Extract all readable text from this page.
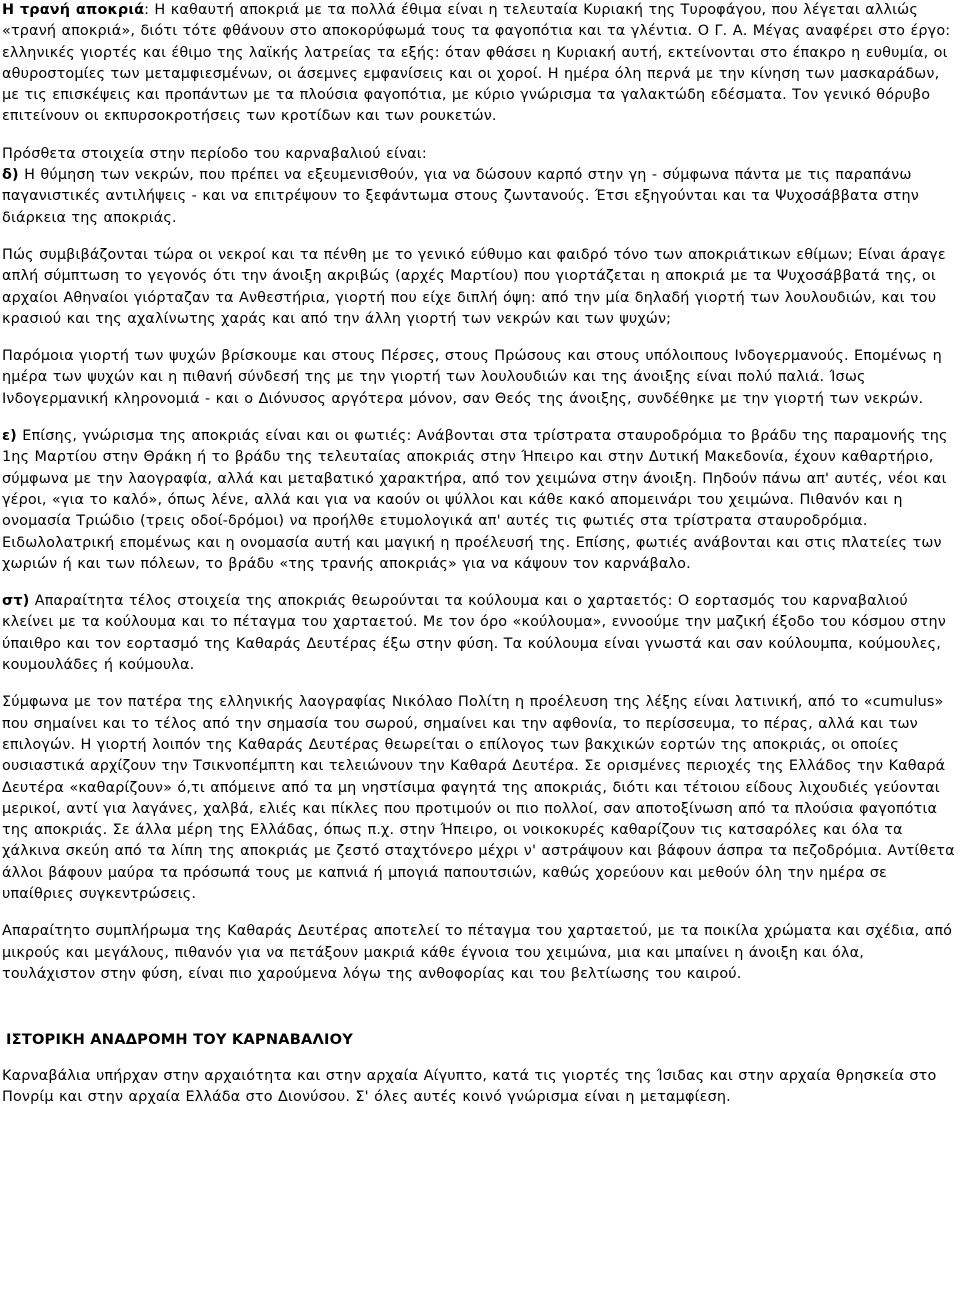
Η τρανή αποκριά: Η καθαυτή αποκριά με τα πολλά έθιμα είναι η τελευταία Κυριακή της Τυροφάγου, που λέγεται αλλιώς «τρανή αποκριά», διότι τότε φθάνουν στο αποκορύφωμά τους τα φαγοπότια και τα γλέντια. Ο Γ. Α. Μέγας αναφέρει στο έργο: ελληνικές γιορτές και έθιμο της λαϊκής λατρείας τα εξής: όταν φθάσει η Κυριακή αυτή, εκτείνονται στο έπακρο η ευθυμία, οι αθυροστομίες των μεταμφιεσμένων, οι άσεμνες εμφανίσεις και οι χοροί. Η ημέρα όλη περνά με την κίνηση των μασκαράδων, με τις επισκέψεις και προπάντων με τα πλούσια φαγοπότια, με κύριο γνώρισμα τα γαλακτώδη εδέσματα. Τον γενικό θόρυβο επιτείνουν οι εκπυρσοκροτήσεις των κροτίδων και των ρουκετών.

Πρόσθετα στοιχεία στην περίοδο του καρναβαλιού είναι:

δ) Η θύμηση των νεκρών, που πρέπει να εξευμενισθούν, για να δώσουν καρπό στην γη - σύμφωνα πάντα με τις παραπάνω παγανιστικές αντιλήψεις - και να επιτρέψουν το ξεφάντωμα στους ζωντανούς. Έτσι εξηγούνται και τα Ψυχοσάββατα στην διάρκεια της αποκριάς.

Πώς συμβιβάζονται τώρα οι νεκροί και τα πένθη με το γενικό εύθυμο και φαιδρό τόνο των αποκριάτικων εθίμων; Είναι άραγε απλή σύμπτωση το γεγονός ότι την άνοιξη ακριβώς (αρχές Μαρτίου) που γιορτάζεται η αποκριά με τα Ψυχοσάββατά της, οι αρχαίοι Αθηναίοι γιόρταζαν τα Ανθεστήρια, γιορτή που είχε διπλή όψη: από την μία δηλαδή γιορτή των λουλουδιών, και του κρασιού και της αχαλίνωτης χαράς και από την άλλη γιορτή των νεκρών και των ψυχών;

Παρόμοια γιορτή των ψυχών βρίσκουμε και στους Πέρσες, στους Πρώσους και στους υπόλοιπους Ινδογερμανούς. Επομένως η ημέρα των ψυχών και η πιθανή σύνδεσή της με την γιορτή των λουλουδιών και της άνοιξης είναι πολύ παλιά. Ίσως Ινδογερμανική κληρονομιά - και ο Διόνυσος αργότερα μόνον, σαν Θεός της άνοιξης, συνδέθηκε με την γιορτή των νεκρών.

ε) Επίσης, γνώρισμα της αποκριάς είναι και οι φωτιές: Ανάβονται στα τρίστρατα σταυροδρόμια το βράδυ της παραμονής της 1ης Μαρτίου στην Θράκη ή το βράδυ της τελευταίας αποκριάς στην Ήπειρο και στην Δυτική Μακεδονία, έχουν καθαρτήριο, σύμφωνα με την λαογραφία, αλλά και μεταβατικό χαρακτήρα, από τον χειμώνα στην άνοιξη. Πηδούν πάνω απ' αυτές, νέοι και γέροι, «για το καλό», όπως λένε, αλλά και για να καούν οι ψύλλοι και κάθε κακό απομεινάρι του χειμώνα. Πιθανόν και η ονομασία Τριώδιο (τρεις οδοί-δρόμοι) να προήλθε ετυμολογικά απ' αυτές τις φωτιές στα τρίστρατα σταυροδρόμια. Ειδωλολατρική επομένως και η ονομασία αυτή και μαγική η προέλευσή της. Επίσης, φωτιές ανάβονται και στις πλατείες των χωριών ή και των πόλεων, το βράδυ «της τρανής αποκριάς» για να κάψουν τον καρνάβαλο.

στ) Απαραίτητα τέλος στοιχεία της αποκριάς θεωρούνται τα κούλουμα και ο χαρταετός: Ο εορτασμός του καρναβαλιού κλείνει με τα κούλουμα και το πέταγμα του χαρταετού. Με τον όρο «κούλουμα», εννοούμε την μαζική έξοδο του κόσμου στην ύπαιθρο και τον εορτασμό της Καθαράς Δευτέρας έξω στην φύση. Τα κούλουμα είναι γνωστά και σαν κούλουμπα, κούμουλες, κουμουλάδες ή κούμουλα.

Σύμφωνα με τον πατέρα της ελληνικής λαογραφίας Νικόλαο Πολίτη η προέλευση της λέξης είναι λατινική, από το «cumulus» που σημαίνει και το τέλος από την σημασία του σωρού, σημαίνει και την αφθονία, το περίσσευμα, το πέρας, αλλά και των επιλογών. Η γιορτή λοιπόν της Καθαράς Δευτέρας θεωρείται ο επίλογος των βακχικών εορτών της αποκριάς, οι οποίες ουσιαστικά αρχίζουν την Τσικνοπέμπτη και τελειώνουν την Καθαρά Δευτέρα. Σε ορισμένες περιοχές της Ελλάδος την Καθαρά Δευτέρα «καθαρίζουν» ό,τι απόμεινε από τα μη νηστίσιμα φαγητά της αποκριάς, διότι και τέτοιου είδους λιχουδιές γεύονται μερικοί, αντί για λαγάνες, χαλβά, ελιές και πίκλες που προτιμούν οι πιο πολλοί, σαν αποτοξίνωση από τα πλούσια φαγοπότια της αποκριάς. Σε άλλα μέρη της Ελλάδας, όπως π.χ. στην Ήπειρο, οι νοικοκυρές καθαρίζουν τις κατσαρόλες και όλα τα χάλκινα σκεύη από τα λίπη της αποκριάς με ζεστό σταχτόνερο μέχρι ν' αστράψουν και βάφουν άσπρα τα πεζοδρόμια. Αντίθετα άλλοι βάφουν μαύρα τα πρόσωπά τους με καπνιά ή μπογιά παπουτσιών, καθώς χορεύουν και μεθούν όλη την ημέρα σε υπαίθριες συγκεντρώσεις.

Απαραίτητο συμπλήρωμα της Καθαράς Δευτέρας αποτελεί το πέταγμα του χαρταετού, με τα ποικίλα χρώματα και σχέδια, από μικρούς και μεγάλους, πιθανόν για να πετάξουν μακριά κάθε έγνοια του χειμώνα, μια και μπαίνει η άνοιξη και όλα, τουλάχιστον στην φύση, είναι πιο χαρούμενα λόγω της ανθοφορίας και του βελτίωσης του καιρού.

ΙΣΤΟΡΙΚΗ ΑΝΑΔΡΟΜΗ ΤΟΥ ΚΑΡΝΑΒΑΛΙΟΥ

Καρναβάλια υπήρχαν στην αρχαιότητα και στην αρχαία Αίγυπτο, κατά τις γιορτές της Ίσιδας και στην αρχαία θρησκεία στο Πονρίμ και στην αρχαία Ελλάδα στο Διονύσου. Σ' όλες αυτές κοινό γνώρισμα είναι η μεταμφίεση.
